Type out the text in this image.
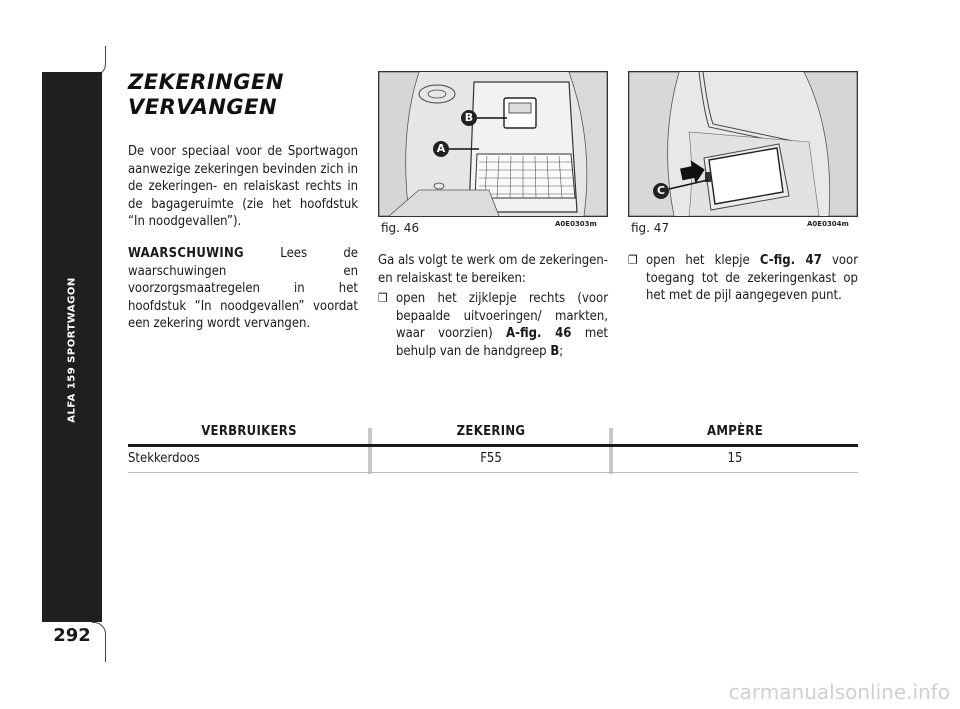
ALFA 159 SPORTWAGON
292
ZEKERINGEN
VERVANGEN
De voor speciaal voor de Sportwagon aanwezige zekeringen bevinden zich in de zekeringen- en relaiskast rechts in de bagageruimte (zie het hoofdstuk “In noodgevallen”).
WAARSCHUWING Lees de waarschuwingen en voorzorgsmaatregelen in het hoofdstuk “In noodgevallen” voordat een zekering wordt vervangen.
B
A
fig. 46	A0E0303m
C
fig. 47	A0E0304m
Ga als volgt te werk om de zekeringen- en relaiskast te bereiken:
❐ open het zijklepje rechts (voor bepaalde uitvoeringen/ markten, waar voorzien) A-fig. 46 met behulp van de handgreep B;
❐ open het klepje C-fig. 47 voor toegang tot de zekeringenkast op het met de pijl aangegeven punt.
VERBRUIKERS	ZEKERING	AMPÈRE
Stekkerdoos	F55	15
carmanualsonline.info
